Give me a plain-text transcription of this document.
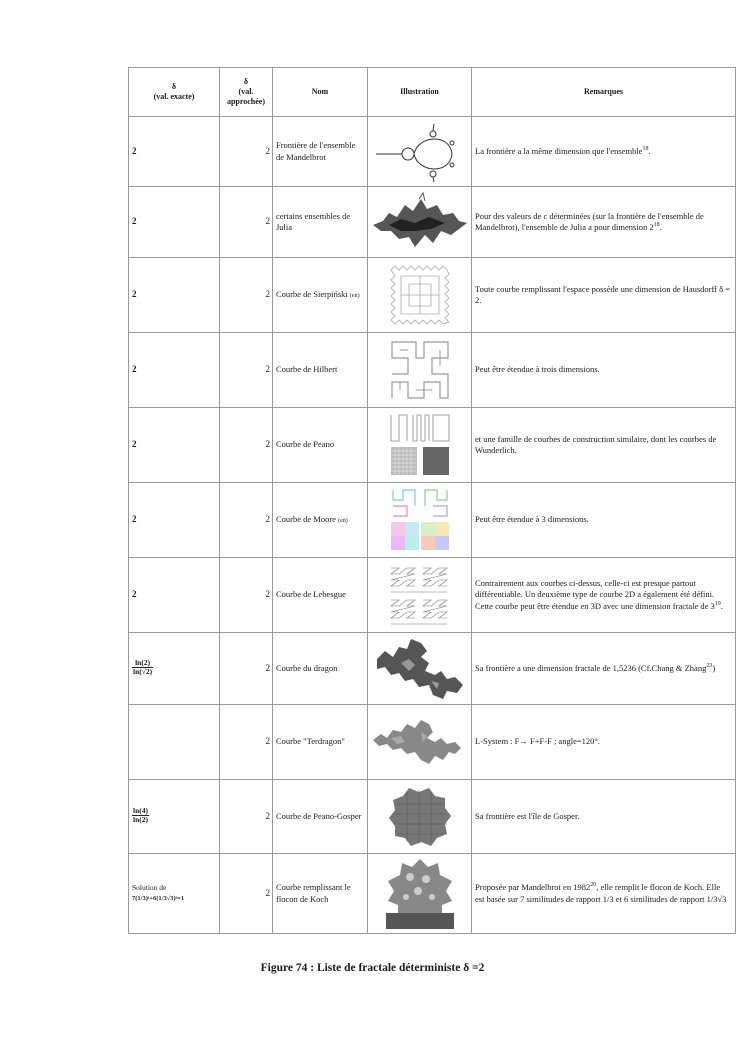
δ
(val. exacte)	δ
(val. approchée)	Nom	Illustration	Remarques
2	2	Frontière de l'ensemble de Mandelbrot		La frontière a la même dimension que l'ensemble$^{18}$.
2	2	certains ensembles de Julia		Pour des valeurs de c déterminées (sur la frontière de l'ensemble de Mandelbrot), l'ensemble de Julia a pour dimension $2^{18}$.
2	2	Courbe de Sierpiński (en)		Toute courbe remplissant l'espace possède une dimension de Hausdorff δ = 2.
2	2	Courbe de Hilbert		Peut être étendue à trois dimensions.
2	2	Courbe de Peano		et une famille de courbes de construction similaire, dont les courbes de Wunderlich.
2	2	Courbe de Moore (en)		Peut être étendue à 3 dimensions.
2	2	Courbe de Lebesgue		Contrairement aux courbes ci-dessus, celle-ci est presque partout différentiable. Un deuxième type de courbe 2D a également été défini. Cette courbe peut être étendue en 3D avec une dimension fractale de $3^{19}$.

$\frac{\ln(2)}{\ln(√2)}$	2	Courbe du dragon		Sa frontière a une dimension fractale de 1,5236 (Cf.Chang & Zhang$^{23}$)
	2	Courbe "Terdragon"		L-System : F→ F+F-F ; angle=120°.

$\frac{\ln(4)}{\ln(2)}$	2	Courbe de Peano-Gosper		Sa frontière est l'île de Gosper.
Solution de
7(1/3)ˢ+6(1/3√3)ˢ=1	2	Courbe remplissant le flocon de Koch		Proposée par Mandelbrot en 1982$^{20}$, elle remplit le flocon de Koch. Elle est basée sur 7 similitudes de rapport 1/3 et 6 similitudes de rapport 1/3√3
Figure 74 : Liste de fractale déterministe δ =2
